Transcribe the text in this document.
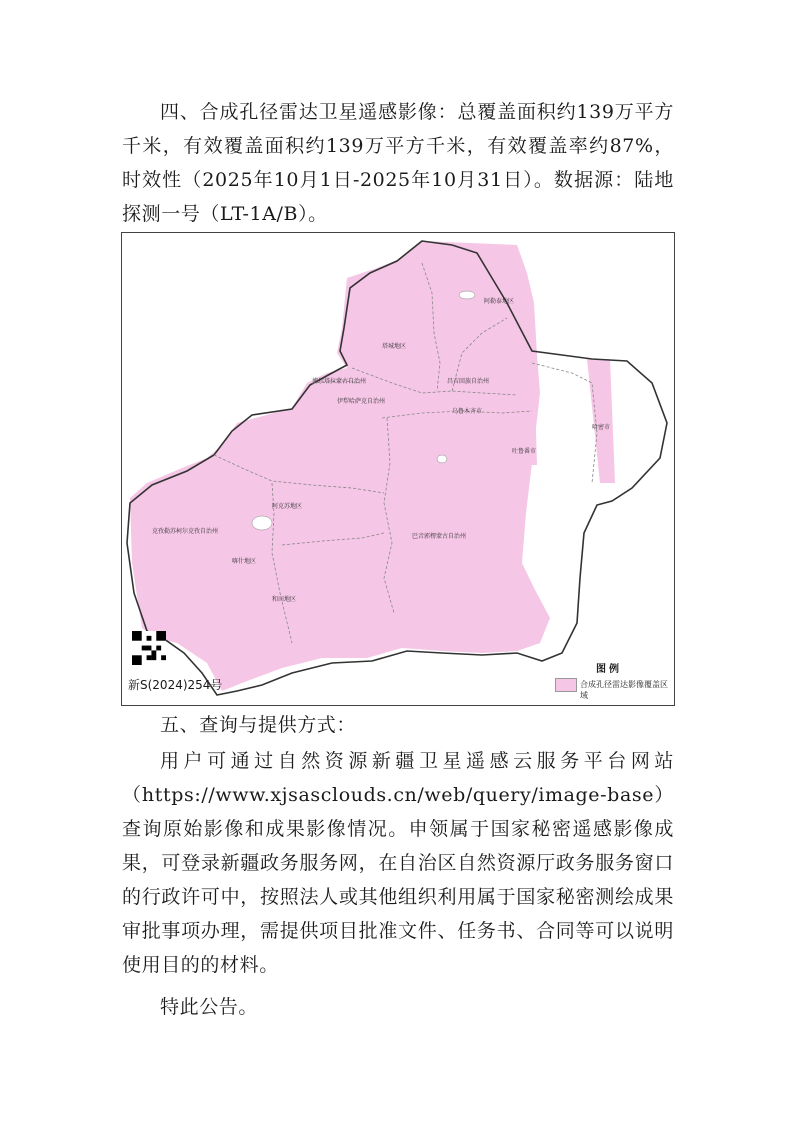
四、合成孔径雷达卫星遥感影像：总覆盖面积约139万平方千米，有效覆盖面积约139万平方千米，有效覆盖率约87%，时效性（2025年10月1日-2025年10月31日）。数据源：陆地探测一号（LT-1A/B）。

阿勒泰地区
塔城地区
博尔塔拉蒙古自治州
伊犁哈萨克自治州
昌吉回族自治州
乌鲁木齐市
吐鲁番市
哈密市
巴音郭楞蒙古自治州
阿克苏地区
克孜勒苏柯尔克孜自治州
喀什地区
和田地区
新S(2024)254号
图例
合成孔径雷达影像覆盖区域

五、查询与提供方式：

用户可通过自然资源新疆卫星遥感云服务平台网站（https://www.xjsasclouds.cn/web/query/image-base）查询原始影像和成果影像情况。申领属于国家秘密遥感影像成果，可登录新疆政务服务网，在自治区自然资源厅政务服务窗口的行政许可中，按照法人或其他组织利用属于国家秘密测绘成果审批事项办理，需提供项目批准文件、任务书、合同等可以说明使用目的的材料。

特此公告。
